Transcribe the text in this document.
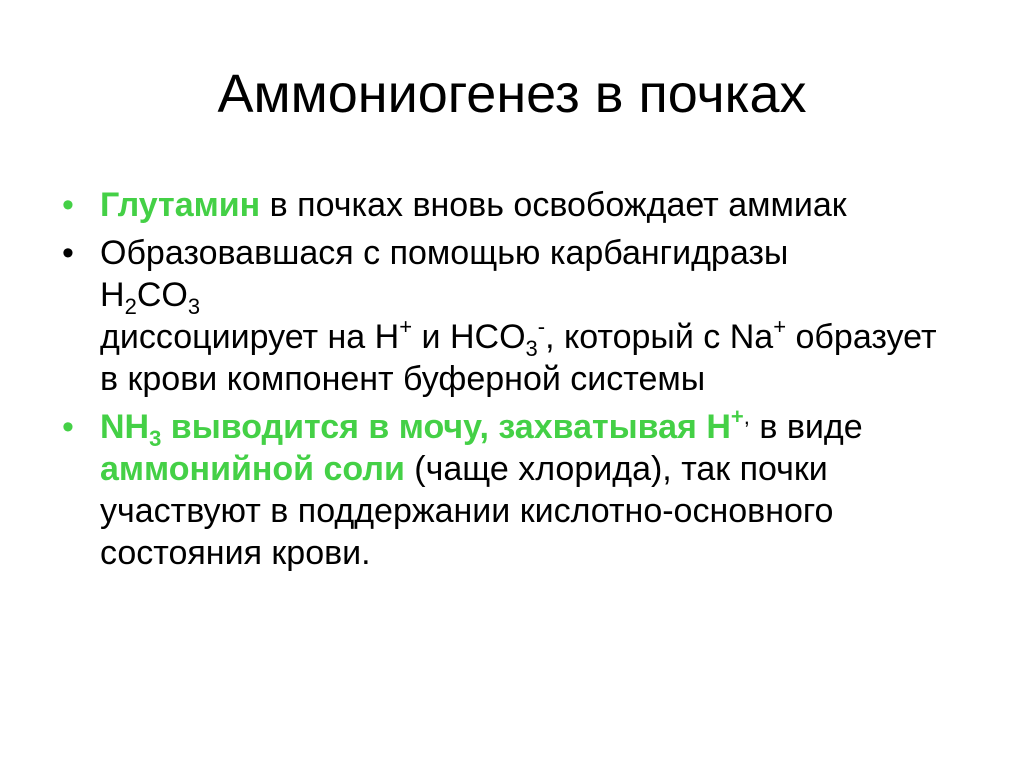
Аммониогенез в почках
• Глутамин в почках вновь освобождает аммиак
• Образовавшася с помощью карбангидразы
$H_2CO_3$
диссоциирует на H+ и $HCO_3^-$, который с Na+ образует в крови компонент буферной системы
• $NH_3$ выводится в мочу, захватывая H+, в виде аммонийной соли (чаще хлорида), так почки участвуют в поддержании кислотно-основного состояния крови.
